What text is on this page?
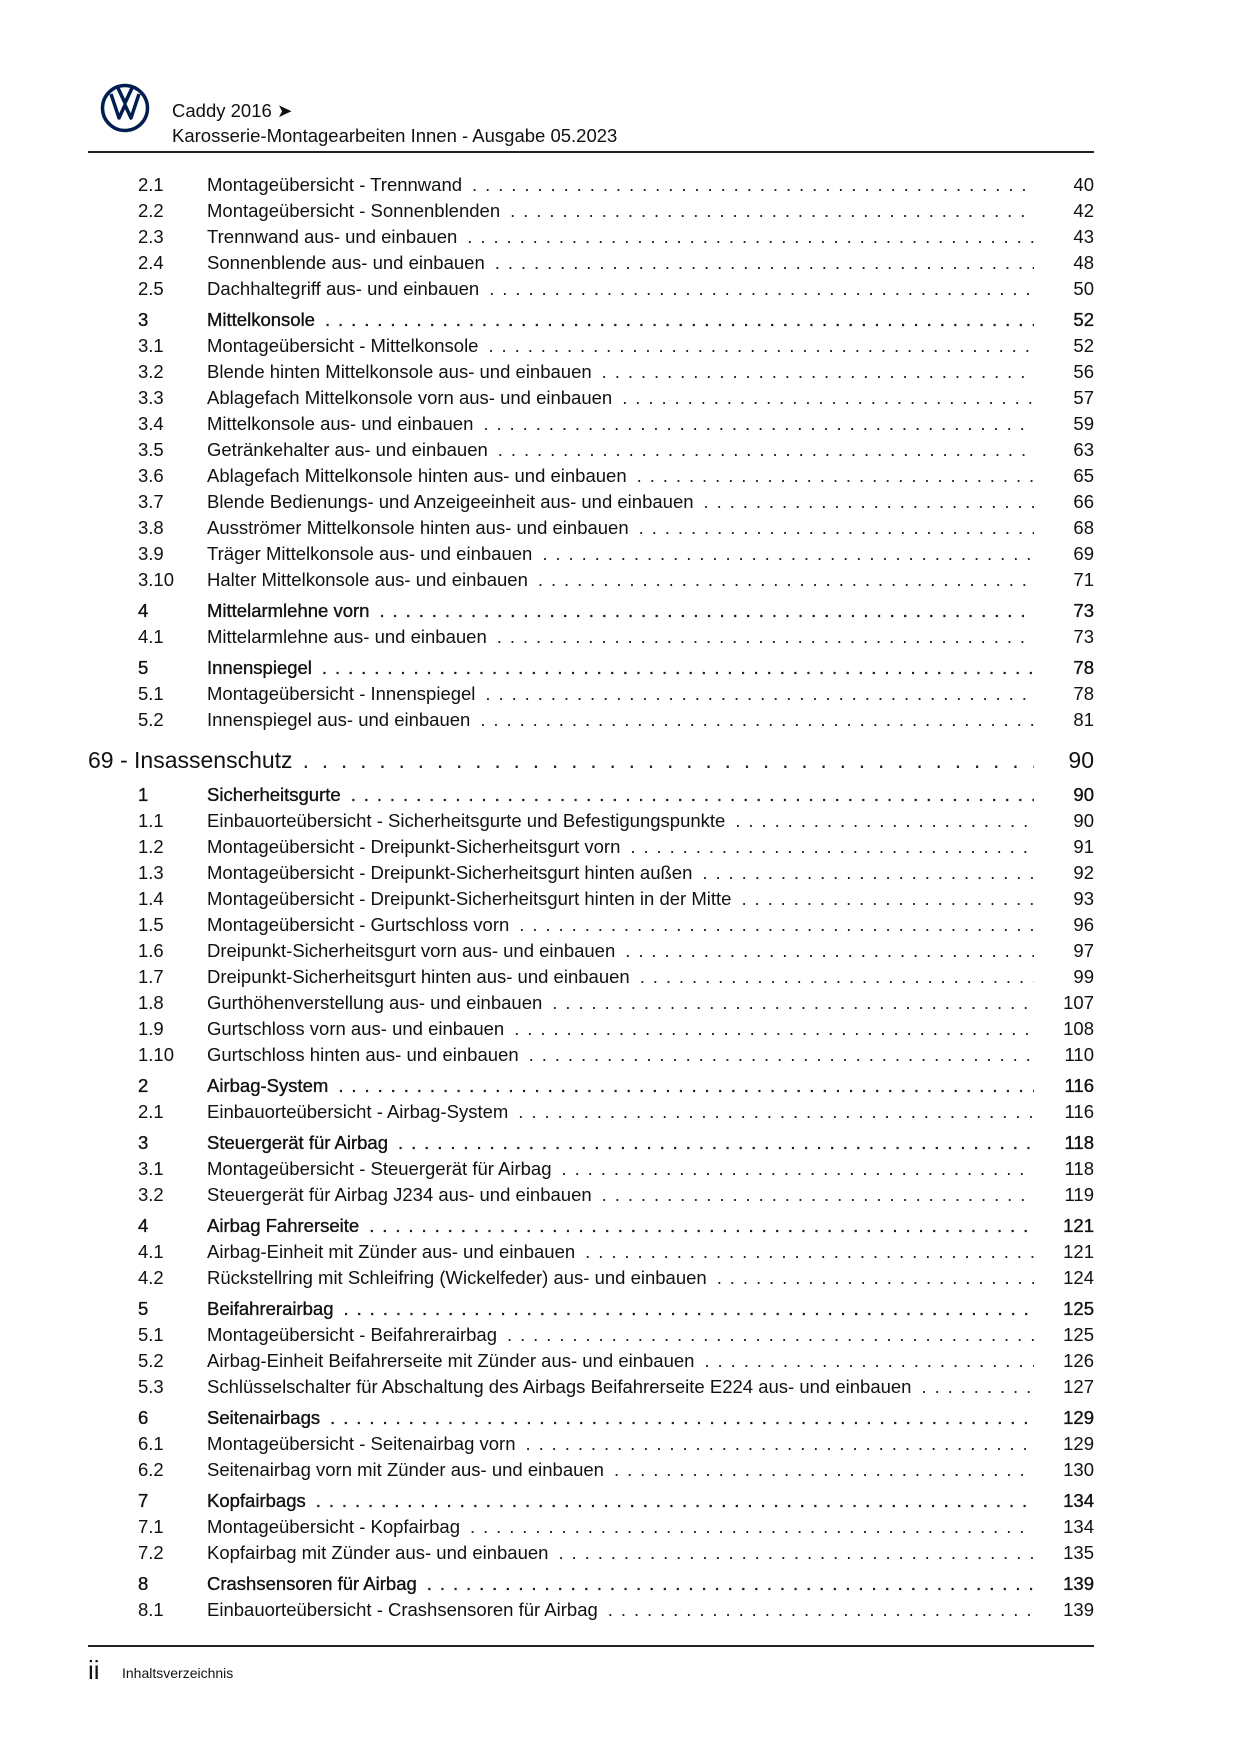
Caddy 2016 ➤
Karosserie-Montagearbeiten Innen - Ausgabe 05.2023
2.1 Montageübersicht - Trennwand . . .	40
2.2 Montageübersicht - Sonnenblenden . . .	42
2.3 Trennwand aus- und einbauen . . .	43
2.4 Sonnenblende aus- und einbauen . . .	48
2.5 Dachhaltegriff aus- und einbauen . . .	50
3	Mittelkonsole . . .	52
3.1 Montageübersicht - Mittelkonsole . . .	52
3.2 Blende hinten Mittelkonsole aus- und einbauen . . .	56
3.3 Ablagefach Mittelkonsole vorn aus- und einbauen . . .	57
3.4 Mittelkonsole aus- und einbauen . . .	59
3.5 Getränkehalter aus- und einbauen . . .	63
3.6 Ablagefach Mittelkonsole hinten aus- und einbauen . . .	65
3.7 Blende Bedienungs- und Anzeigeeinheit aus- und einbauen . . .	66
3.8 Ausströmer Mittelkonsole hinten aus- und einbauen . . .	68
3.9 Träger Mittelkonsole aus- und einbauen . . .	69
3.10 Halter Mittelkonsole aus- und einbauen . . .	71
4	Mittelarmlehne vorn . . .	73
4.1 Mittelarmlehne aus- und einbauen . . .	73
5	Innenspiegel . . .	78
5.1 Montageübersicht - Innenspiegel . . .	78
5.2 Innenspiegel aus- und einbauen . . .	81
69 - Insassenschutz . . .	90
1	Sicherheitsgurte . . .	90
1.1 Einbauorteübersicht - Sicherheitsgurte und Befestigungspunkte . . .	90
1.2 Montageübersicht - Dreipunkt-Sicherheitsgurt vorn . . .	91
1.3 Montageübersicht - Dreipunkt-Sicherheitsgurt hinten außen . . .	92
1.4 Montageübersicht - Dreipunkt-Sicherheitsgurt hinten in der Mitte . . .	93
1.5 Montageübersicht - Gurtschloss vorn . . .	96
1.6 Dreipunkt-Sicherheitsgurt vorn aus- und einbauen . . .	97
1.7 Dreipunkt-Sicherheitsgurt hinten aus- und einbauen . . .	99
1.8 Gurthöhenverstellung aus- und einbauen . . .	107
1.9 Gurtschloss vorn aus- und einbauen . . .	108
1.10 Gurtschloss hinten aus- und einbauen . . .	110
2	Airbag-System . . .	116
2.1 Einbauorteübersicht - Airbag-System . . .	116
3	Steuergerät für Airbag . . .	118
3.1 Montageübersicht - Steuergerät für Airbag . . .	118
3.2 Steuergerät für Airbag J234 aus- und einbauen . . .	119
4	Airbag Fahrerseite . . .	121
4.1 Airbag-Einheit mit Zünder aus- und einbauen . . .	121
4.2 Rückstellring mit Schleifring (Wickelfeder) aus- und einbauen . . .	124
5	Beifahrerairbag . . .	125
5.1 Montageübersicht - Beifahrerairbag . . .	125
5.2 Airbag-Einheit Beifahrerseite mit Zünder aus- und einbauen . . .	126
5.3 Schlüsselschalter für Abschaltung des Airbags Beifahrerseite E224 aus- und einbauen . . .	127
6	Seitenairbags . . .	129
6.1 Montageübersicht - Seitenairbag vorn . . .	129
6.2 Seitenairbag vorn mit Zünder aus- und einbauen . . .	130
7	Kopfairbags . . .	134
7.1 Montageübersicht - Kopfairbag . . .	134
7.2 Kopfairbag mit Zünder aus- und einbauen . . .	135
8	Crashsensoren für Airbag . . .	139
8.1 Einbauorteübersicht - Crashsensoren für Airbag . . .	139
ii Inhaltsverzeichnis
